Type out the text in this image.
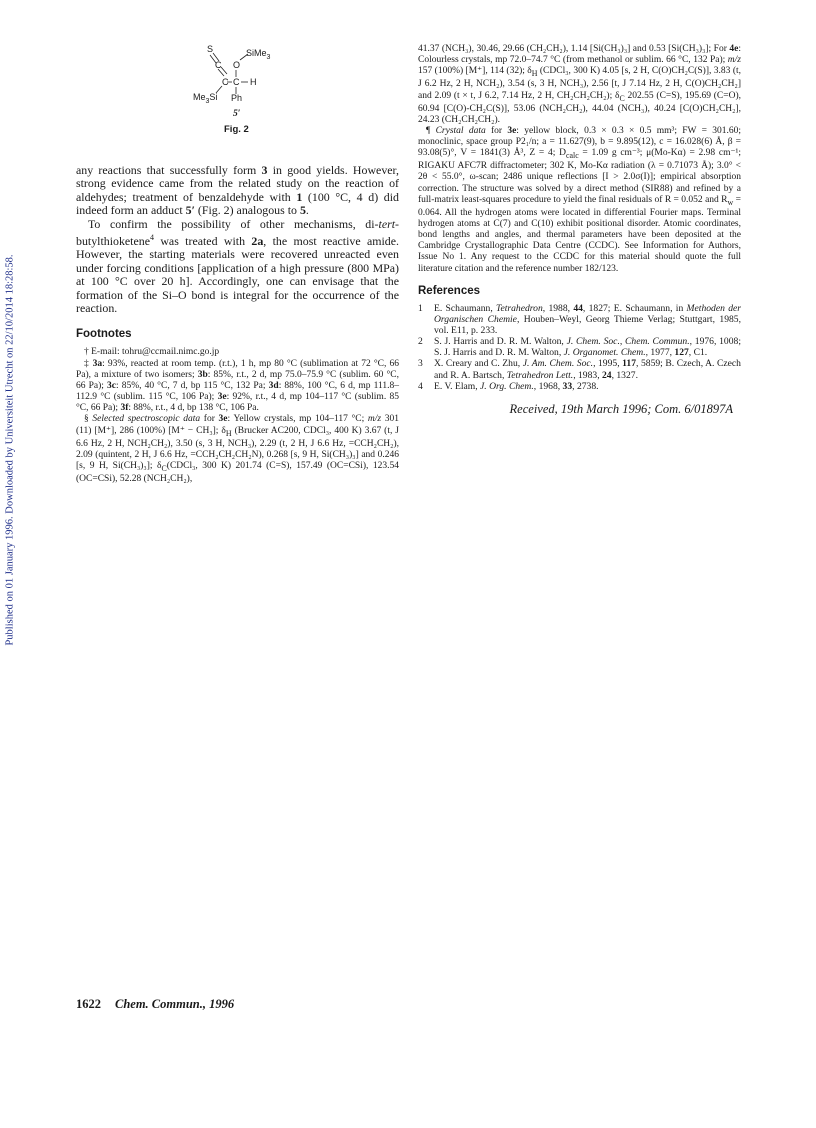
Published on 01 January 1996. Downloaded by Universiteit Utrecht on 22/10/2014 18:28:58.
S
C O
SiMe$_3$
C C H
$Me_3Si$ Ph
5′
Fig. 2

any reactions that successfully form 3 in good yields. However, strong evidence came from the related study on the reaction of aldehydes; treatment of benzaldehyde with 1 (100 °C, 4 d) did indeed form an adduct 5′ (Fig. 2) analogous to 5.

To confirm the possibility of other mechanisms, di-tert-butylthioketene$^4$ was treated with 2a, the most reactive amide. However, the starting materials were recovered unreacted even under forcing conditions [application of a high pressure (800 MPa) at 100 °C over 20 h]. Accordingly, one can envisage that the formation of the Si–O bond is integral for the occurrence of the reaction.

Footnotes

† E-mail: tohru@ccmail.nimc.go.jp

‡ 3a: 93%, reacted at room temp. (r.t.), 1 h, mp 80 °C (sublimation at 72 °C, 66 Pa), a mixture of two isomers; 3b: 85%, r.t., 2 d, mp 75.0–75.9 °C (sublim. 60 °C, 66 Pa); 3c: 85%, 40 °C, 7 d, bp 115 °C, 132 Pa; 3d: 88%, 100 °C, 6 d, mp 111.8–112.9 °C (sublim. 115 °C, 106 Pa); 3e: 92%, r.t., 4 d, mp 104–117 °C (sublim. 85 °C, 66 Pa); 3f: 88%, r.t., 4 d, bp 138 °C, 106 Pa.

§ Selected spectroscopic data for 3e: Yellow crystals, mp 104–117 °C; m/z 301 (11) [M⁺], 286 (100%) [M⁺ − CH₃]; $\delta_H$ (Brucker AC200, CDCl₃, 400 K) 3.67 (t, J 6.6 Hz, 2 H, NCH₂CH₂), 3.50 (s, 3 H, NCH₃), 2.29 (t, 2 H, J 6.6 Hz, =CCH₂CH₂), 2.09 (quintent, 2 H, J 6.6 Hz, =CCH₂CH₂CH₂N), 0.268 [s, 9 H, Si(CH₃)₃] and 0.246 [s, 9 H, Si(CH₃)₃]; $\delta_C(CDCl_3$, 300 K) 201.74 (C=S), 157.49 (OC=CSi), 123.54 (OC=CSi), 52.28 (NCH₂CH₂),

41.37 (NCH₃), 30.46, 29.66 (CH₂CH₂), 1.14 [Si(CH₃)₃] and 0.53 [Si(CH₃)₃]; For 4e: Colourless crystals, mp 72.0–74.7 °C (from methanol or sublim. 66 °C, 132 Pa); m/z 157 (100%) [M⁺], 114 (32); $\delta_H$ (CDCl₃, 300 K) 4.05 [s, 2 H, C(O)CH₂C(S)], 3.83 (t, J 6.2 Hz, 2 H, NCH₂), 3.54 (s, 3 H, NCH₃), 2.56 [t, J 7.14 Hz, 2 H, C(O)CH₂CH₂] and 2.09 (t × t, J 6.2, 7.14 Hz, 2 H, CH₂CH₂CH₂); $\delta_C$ 202.55 (C=S), 195.69 (C=O), 60.94 [C(O)-CH₂C(S)], 53.06 (NCH₂CH₂), 44.04 (NCH₃), 40.24 [C(O)CH₂CH₂], 24.23 (CH₂CH₂CH₂).

¶ Crystal data for 3e: yellow block, 0.3 × 0.3 × 0.5 mm³; FW = 301.60; monoclinic, space group P2₁/n; a = 11.627(9), b = 9.895(12), c = 16.028(6) Å, β = 93.08(5)°, V = 1841(3) Å³, Z = 4; $D_{calc} = 1.09$ g cm⁻³; μ(Mo-Kα) = 2.98 cm⁻¹; RIGAKU AFC7R diffractometer; 302 K, Mo-Kα radiation (λ = 0.71073 Å); 3.0° < 2θ < 55.0°, ω-scan; 2486 unique reflections [I > 2.0σ(I)]; empirical absorption correction. The structure was solved by a direct method (SIR88) and refined by a full-matrix least-squares procedure to yield the final residuals of R = 0.052 and $R_w = 0.064$. All the hydrogen atoms were located in differential Fourier maps. Terminal hydrogen atoms at C(7) and C(10) exhibit positional disorder. Atomic coordinates, bond lengths and angles, and thermal parameters have been deposited at the Cambridge Crystallographic Data Centre (CCDC). See Information for Authors, Issue No 1. Any request to the CCDC for this material should quote the full literature citation and the reference number 182/123.

References
1 E. Schaumann, Tetrahedron, 1988, 44, 1827; E. Schaumann, in Methoden der Organischen Chemie, Houben–Weyl, Georg Thieme Verlag; Stuttgart, 1985, vol. E11, p. 233.
2 S. J. Harris and D. R. M. Walton, J. Chem. Soc., Chem. Commun., 1976, 1008; S. J. Harris and D. R. M. Walton, J. Organomet. Chem., 1977, 127, C1.
3 X. Creary and C. Zhu, J. Am. Chem. Soc., 1995, 117, 5859; B. Czech, A. Czech and R. A. Bartsch, Tetrahedron Lett., 1983, 24, 1327.
4 E. V. Elam, J. Org. Chem., 1968, 33, 2738.
Received, 19th March 1996; Com. 6/01897A
1622 Chem. Commun., 1996
